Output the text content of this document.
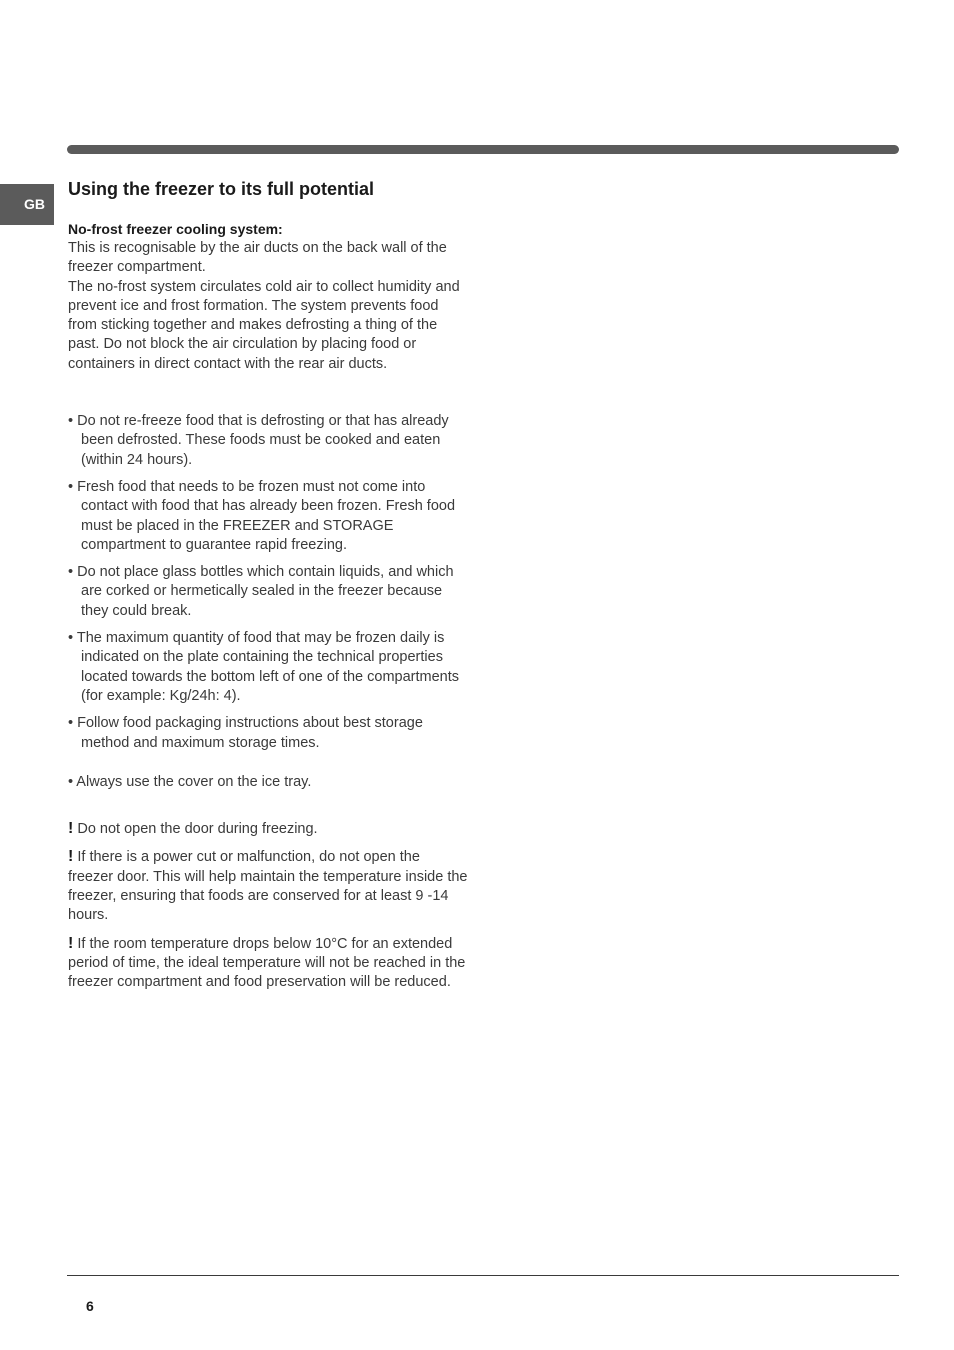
GB
Using the freezer to its full potential
No-frost freezer cooling system:

This is recognisable by the air ducts on the back wall of the freezer compartment.

The no-frost system circulates cold air to collect humidity and prevent ice and frost formation. The system prevents food from sticking together and makes defrosting a thing of the past. Do not block the air circulation by placing food or containers in direct contact with the rear air ducts.

• Do not re-freeze food that is defrosting or that has already been defrosted. These foods must be cooked and eaten (within 24 hours).
• Fresh food that needs to be frozen must not come into contact with food that has already been frozen. Fresh food must be placed in the FREEZER and STORAGE compartment to guarantee rapid freezing.
• Do not place glass bottles which contain liquids, and which are corked or hermetically sealed in the freezer because they could break.
• The maximum quantity of food that may be frozen daily is indicated on the plate containing the technical properties located towards the bottom left of one of the compartments (for example: Kg/24h: 4).
• Follow food packaging instructions about best storage method and maximum storage times.
• Always use the cover on the ice tray.

! Do not open the door during freezing.

! If there is a power cut or malfunction, do not open the freezer door. This will help maintain the temperature inside the freezer, ensuring that foods are conserved for at least 9 -14 hours.

! If the room temperature drops below 10°C for an extended period of time, the ideal temperature will not be reached in the freezer compartment and food preservation will be reduced.

6
